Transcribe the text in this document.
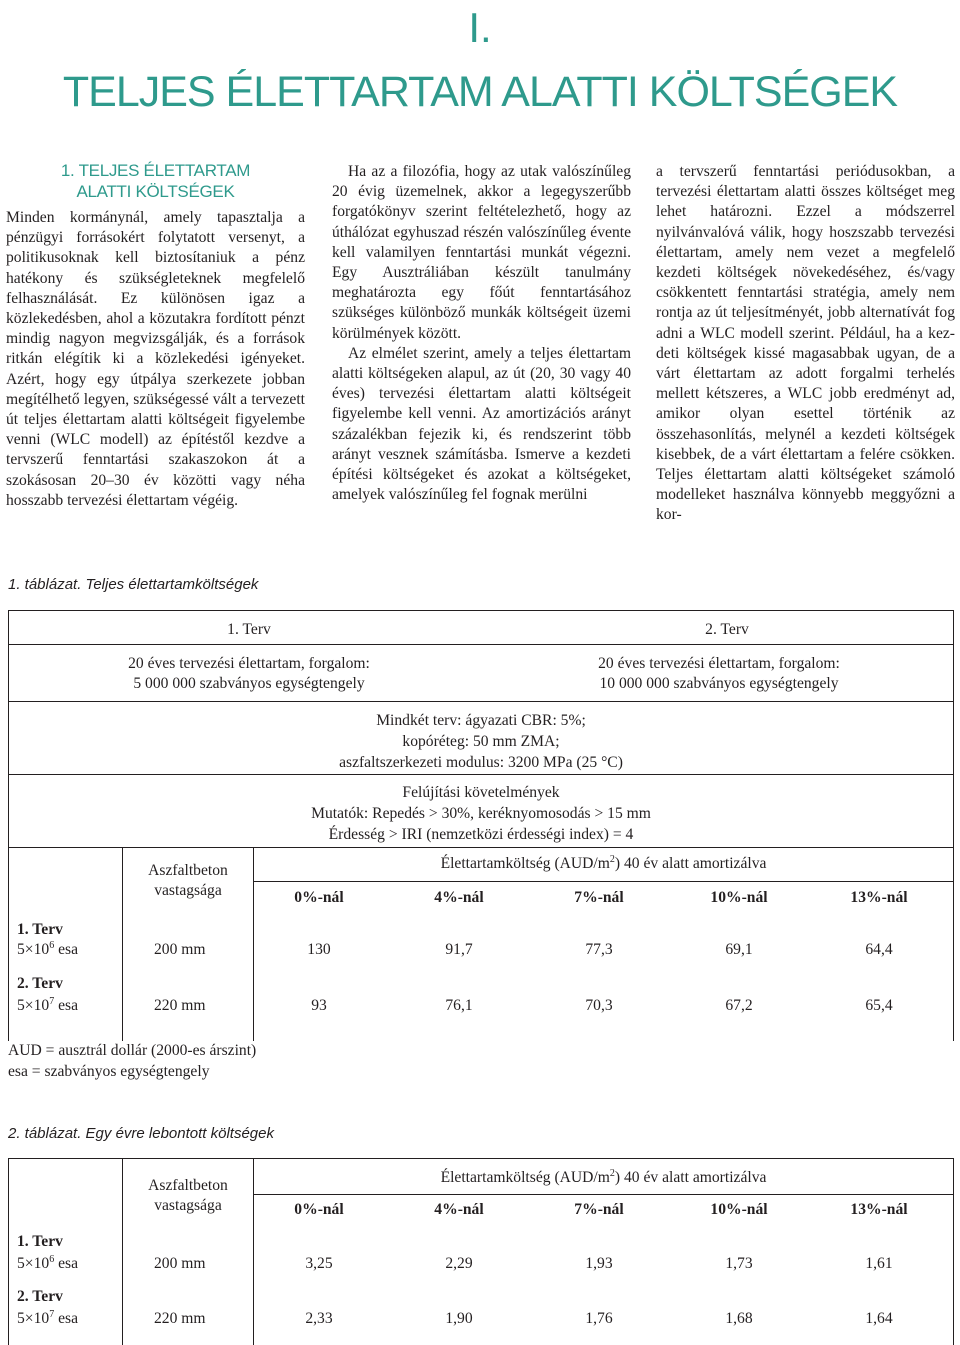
I.
TELJES ÉLETTARTAM ALATTI KÖLTSÉGEK
1. TELJES ÉLETTARTAM
ALATTI KÖLTSÉGEK

Minden kormánynál, amely tapasztalja a pénzügyi forrásokért folytatott versenyt, a politikusoknak kell biztosítaniuk a pénz hatékony és szükségleteknek megfelelő felhasználását. Ez különösen igaz a közlekedésben, ahol a közutakra fordított pénzt mindig nagyon megvizsgálják, és a források ritkán elégítik ki a közlekedési igényeket. Azért, hogy egy útpálya szerkezete jobban megítélhető legyen, szükségessé vált a tervezett út teljes élettartam alatti költségeit figyelembe venni (WLC modell) az építéstől kezdve a tervszerű fenntartási szakaszokon át a szokásosan 20–30 év közötti vagy néha hosszabb tervezési élettartam végéig.

Ha az a filozófia, hogy az utak valószínűleg 20 évig üzemelnek, akkor a legegyszerűbb forgatókönyv szerint feltételezhető, hogy az úthálózat egyhuszad részén valószínűleg évente kell valamilyen fenntartási munkát végezni. Egy Ausztráliában készült tanulmány meghatározta egy főút fenntartásához szükséges különböző munkák költségeit üzemi körülmények között.

Az elmélet szerint, amely a teljes élettartam alatti költségeken alapul, az út (20, 30 vagy 40 éves) tervezési élettartam alatti költségeit figyelembe kell venni. Az amortizációs arányt százalékban fejezik ki, és rendszerint több arányt vesznek számításba. Ismerve a kezdeti építési költségeket és azokat a költségeket, amelyek valószínűleg fel fognak merülni

a tervszerű fenntartási periódusokban, a tervezési élettartam alatti összes költséget meg lehet határozni. Ezzel a módszerrel nyilvánvalóvá válik, hogy hoszszabb tervezési élettartam, amely nem vezet a megfelelő kezdeti költségek növekedéséhez, és/vagy csökkentett fenntartási stratégia, amely nem rontja az út teljesítményét, jobb alternatívát fog adni a WLC modell szerint. Például, ha a kezdeti költségek kissé magasabbak ugyan, de a várt élettartam az adott forgalmi terhelés mellett kétszeres, a WLC jobb eredményt ad, amikor olyan esettel történik az összehasonlítás, melynél a kezdeti költségek kisebbek, de a várt élettartam a felére csökken. Teljes élettartam alatti költségeket számoló modelleket használva könnyebb meggyőzni a kor-

1. táblázat. Teljes élettartamköltségek
1. Terv	2. Terv
20 éves tervezési élettartam, forgalom:
5 000 000 szabványos egységtengely
20 éves tervezési élettartam, forgalom:
10 000 000 szabványos egységtengely
Mindkét terv: ágyazati CBR: 5%;
kopóréteg: 50 mm ZMA;
aszfaltszerkezeti modulus: 3200 MPa (25 °C)
Felújítási követelmények
Mutatók: Repedés > 30%, keréknyomosodás > 15 mm
Érdesség > IRI (nemzetközi érdességi index) = 4
Aszfaltbeton
vastagsága
Élettartamköltség $(AUD/m^2)$ 40 év alatt amortizálva
0%-nál	4%-nál	7%-nál	10%-nál	13%-nál
1. Terv
$5\times 10^6$ esa	200 mm	130	91,7	77,3	69,1	64,4
2. Terv
$5\times 10^7$ esa	220 mm	93	76,1	70,3	67,2	65,4
AUD = ausztrál dollár (2000-es árszint)
esa = szabványos egységtengely
2. táblázat. Egy évre lebontott költségek
Aszfaltbeton
vastagsága
Élettartamköltség $(AUD/m^2)$ 40 év alatt amortizálva
0%-nál	4%-nál	7%-nál	10%-nál	13%-nál
1. Terv
$5\times 10^6$ esa	200 mm	3,25	2,29	1,93	1,73	1,61
2. Terv
$5\times 10^7$ esa	220 mm	2,33	1,90	1,76	1,68	1,64
